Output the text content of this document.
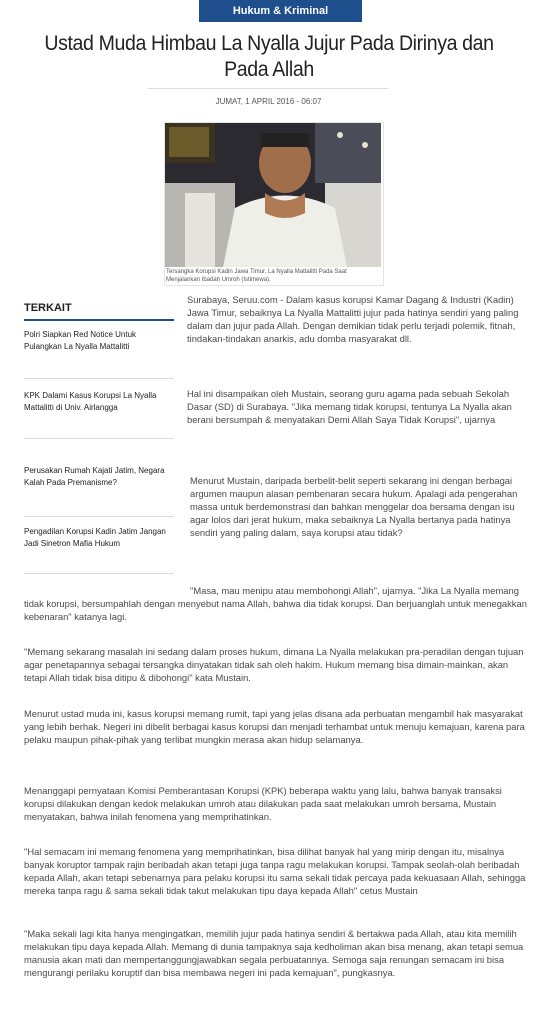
Hukum & Kriminal
Ustad Muda Himbau La Nyalla Jujur Pada Dirinya dan Pada Allah
JUMAT, 1 APRIL 2016 - 06:07
Tersangka Korupsi Kadin Jawa Timur, La Nyalla Mattalitti Pada Saat Menjalankan Ibadah Umroh (Istimewa).
TERKAIT
Polri Siapkan Red Notice Untuk Pulangkan La Nyalla Mattalitti
KPK Dalami Kasus Korupsi La Nyalla Mattalitti di Univ. Airlangga
Perusakan Rumah Kajati Jatim, Negara Kalah Pada Premanisme?
Pengadilan Korupsi Kadin Jatim Jangan Jadi Sinetron Mafia Hukum

Surabaya, Seruu.com - Dalam kasus korupsi Kamar Dagang & Industri (Kadin) Jawa Timur, sebaiknya La Nyalla Mattalitti jujur pada hatinya sendiri yang paling dalam dan jujur pada Allah. Dengan demikian tidak perlu terjadi polemik, fitnah, tindakan-tindakan anarkis, adu domba masyarakat dll.

Hal ini disampaikan oleh Mustain, seorang guru agama pada sebuah Sekolah Dasar (SD) di Surabaya. "Jika memang tidak korupsi, tentunya La Nyalla akan berani bersumpah & menyatakan Demi Allah Saya Tidak Korupsi", ujarnya

Menurut Mustain, daripada berbelit-belit seperti sekarang ini dengan berbagai argumen maupun alasan pembenaran secara hukum. Apalagi ada pengerahan massa untuk berdemonstrasi dan bahkan menggelar doa bersama dengan isu agar lolos dari jerat hukum, maka sebaiknya La Nyalla bertanya pada hatinya sendiri yang paling dalam, saya korupsi atau tidak?

"Masa, mau menipu atau membohongi Allah", ujarnya. "Jika La Nyalla memang tidak korupsi, bersumpahlah dengan menyebut nama Allah, bahwa dia tidak korupsi. Dan berjuanglah untuk menegakkan kebenaran" katanya lagi.

"Memang sekarang masalah ini sedang dalam proses hukum, dimana La Nyalla melakukan pra-peradilan dengan tujuan agar penetapannya sebagai tersangka dinyatakan tidak sah oleh hakim. Hukum memang bisa dimain-mainkan, akan tetapi Allah tidak bisa ditipu & dibohongi" kata Mustain.

Menurut ustad muda ini, kasus korupsi memang rumit, tapi yang jelas disana ada perbuatan mengambil hak masyarakat yang lebih berhak. Negeri ini dibelit berbagai kasus korupsi dan menjadi terhambat untuk menuju kemajuan, karena para pelaku maupun pihak-pihak yang terlibat mungkin merasa akan hidup selamanya.

Menanggapi pernyataan Komisi Pemberantasan Korupsi (KPK) beberapa waktu yang lalu, bahwa banyak transaksi korupsi dilakukan dengan kedok melakukan umroh atau dilakukan pada saat melakukan umroh bersama, Mustain menyatakan, bahwa inilah fenomena yang memprihatinkan.

"Hal semacam ini memang fenomena yang memprihatinkan, bisa dilihat banyak hal yang mirip dengan itu, misalnya banyak koruptor tampak rajin beribadah akan tetapi juga tanpa ragu melakukan korupsi. Tampak seolah-olah beribadah kepada Allah, akan tetapi sebenarnya para pelaku korupsi itu sama sekali tidak percaya pada kekuasaan Allah, sehingga mereka tanpa ragu & sama sekali tidak takut melakukan tipu daya kepada Allah" cetus Mustain

"Maka sekali lagi kita hanya mengingatkan, memilih jujur pada hatinya sendiri & bertakwa pada Allah, atau kita memilih melakukan tipu daya kepada Allah. Memang di dunia tampaknya saja kedholiman akan bisa menang, akan tetapi semua manusia akan mati dan mempertanggungjawabkan segala perbuatannya. Semoga saja renungan semacam ini bisa mengurangi perilaku koruptif dan bisa membawa negeri ini pada kemajuan", pungkasnya.
